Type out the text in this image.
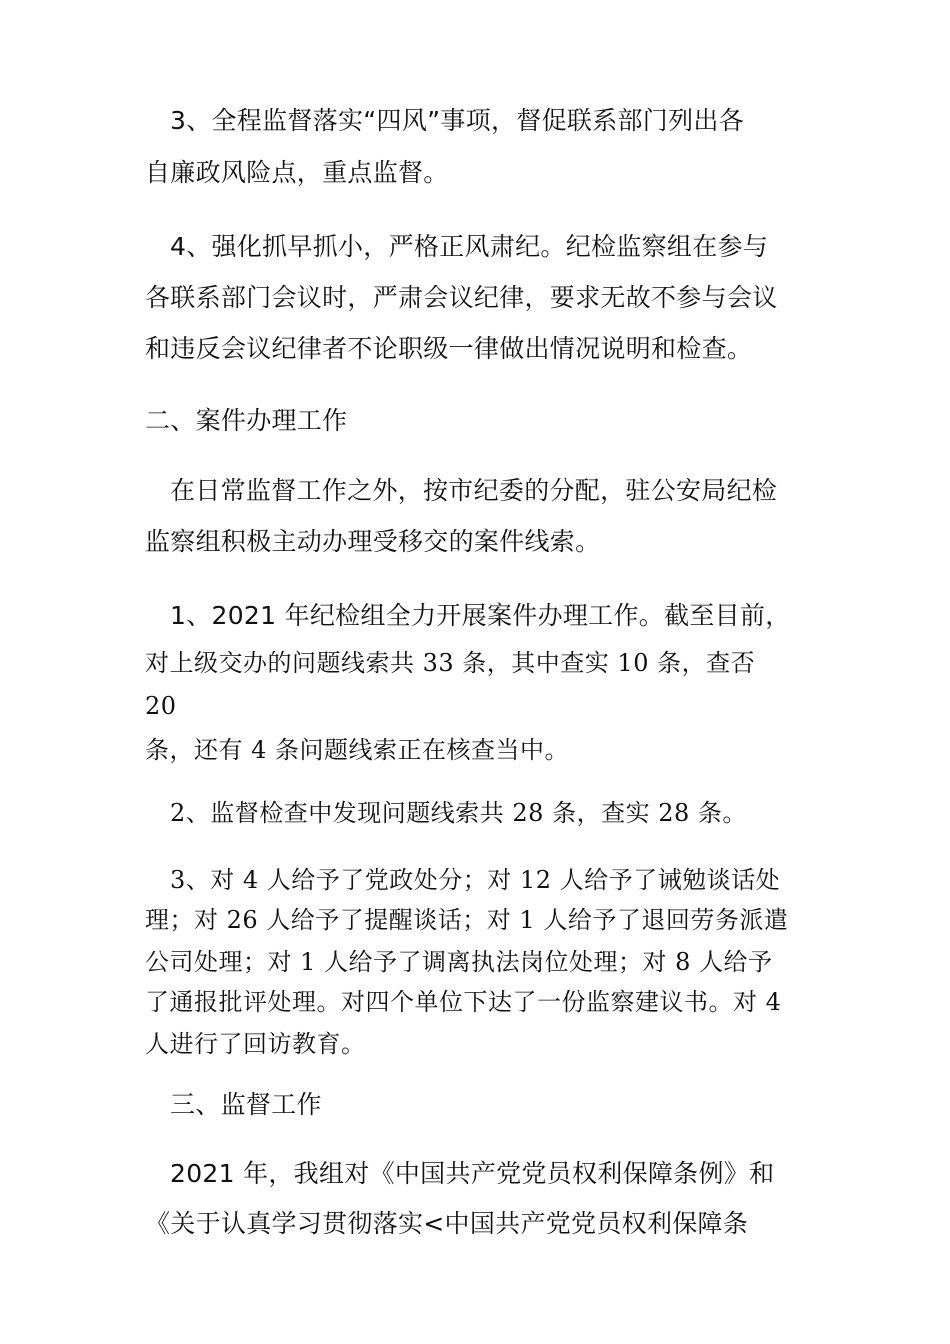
3、全程监督落实“四风”事项，督促联系部门列出各

自廉政风险点，重点监督。

4、强化抓早抓小，严格正风肃纪。纪检监察组在参与

各联系部门会议时，严肃会议纪律，要求无故不参与会议

和违反会议纪律者不论职级一律做出情况说明和检查。

二、案件办理工作

在日常监督工作之外，按市纪委的分配，驻公安局纪检

监察组积极主动办理受移交的案件线索。

1、2021 年纪检组全力开展案件办理工作。截至目前，

对上级交办的问题线索共 33 条，其中查实 10 条，查否

20

条，还有 4 条问题线索正在核查当中。

2、监督检查中发现问题线索共 28 条，查实 28 条。

3、对 4 人给予了党政处分；对 12 人给予了诫勉谈话处

理；对 26 人给予了提醒谈话；对 1 人给予了退回劳务派遣

公司处理；对 1 人给予了调离执法岗位处理；对 8 人给予

了通报批评处理。对四个单位下达了一份监察建议书。对 4

人进行了回访教育。

三、监督工作

2021 年，我组对《中国共产党党员权利保障条例》和

《关于认真学习贯彻落实<中国共产党党员权利保障条
